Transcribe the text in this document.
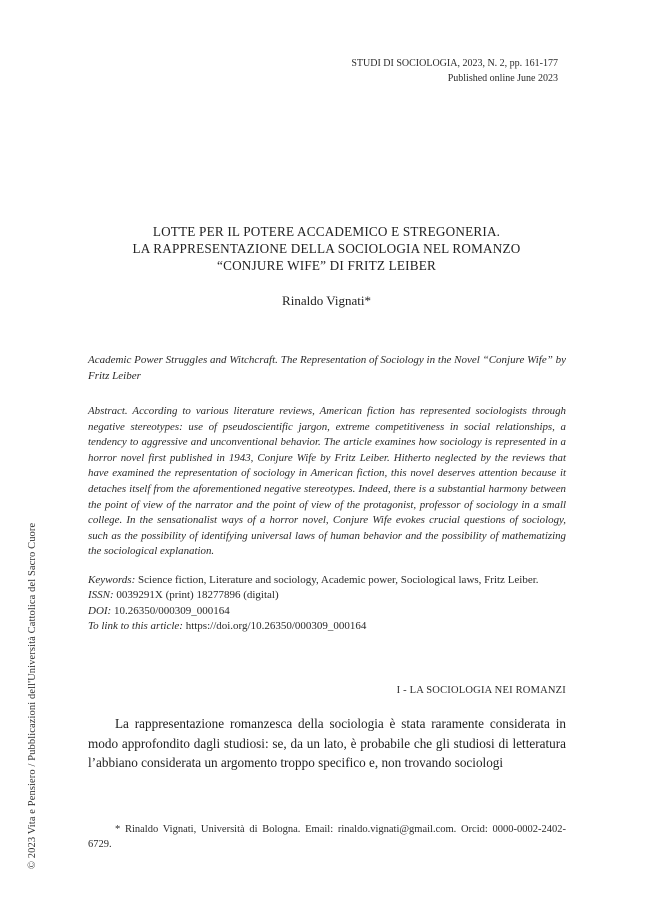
STUDI DI SOCIOLOGIA, 2023, N. 2, pp. 161-177
Published online June 2023
© 2023 Vita e Pensiero / Pubblicazioni dell'Università Cattolica del Sacro Cuore
LOTTE PER IL POTERE ACCADEMICO E STREGONERIA.
LA RAPPRESENTAZIONE DELLA SOCIOLOGIA NEL ROMANZO
“CONJURE WIFE” DI FRITZ LEIBER
Rinaldo Vignati*
Academic Power Struggles and Witchcraft. The Representation of Sociology in the Novel “Conjure Wife” by Fritz Leiber
Abstract. According to various literature reviews, American fiction has represented sociologists through negative stereotypes: use of pseudoscientific jargon, extreme competitiveness in social relationships, a tendency to aggressive and unconventional behavior. The article examines how sociology is represented in a horror novel first published in 1943, Conjure Wife by Fritz Leiber. Hitherto neglected by the reviews that have examined the representation of sociology in American fiction, this novel deserves attention because it detaches itself from the aforementioned negative stereotypes. Indeed, there is a substantial harmony between the point of view of the narrator and the point of view of the protagonist, professor of sociology in a small college. In the sensationalist ways of a horror novel, Conjure Wife evokes crucial questions of sociology, such as the possibility of identifying universal laws of human behavior and the possibility of mathematizing the sociological explanation.
Keywords: Science fiction, Literature and sociology, Academic power, Sociological laws, Fritz Leiber.
ISSN: 0039291X (print) 18277896 (digital)
DOI: 10.26350/000309_000164
To link to this article: https://doi.org/10.26350/000309_000164
I - LA SOCIOLOGIA NEI ROMANZI
La rappresentazione romanzesca della sociologia è stata raramente considerata in modo approfondito dagli studiosi: se, da un lato, è probabile che gli studiosi di letteratura l’abbiano considerata un argomento troppo specifico e, non trovando sociologi
* Rinaldo Vignati, Università di Bologna. Email: rinaldo.vignati@gmail.com. Orcid: 0000-0002-2402-6729.
